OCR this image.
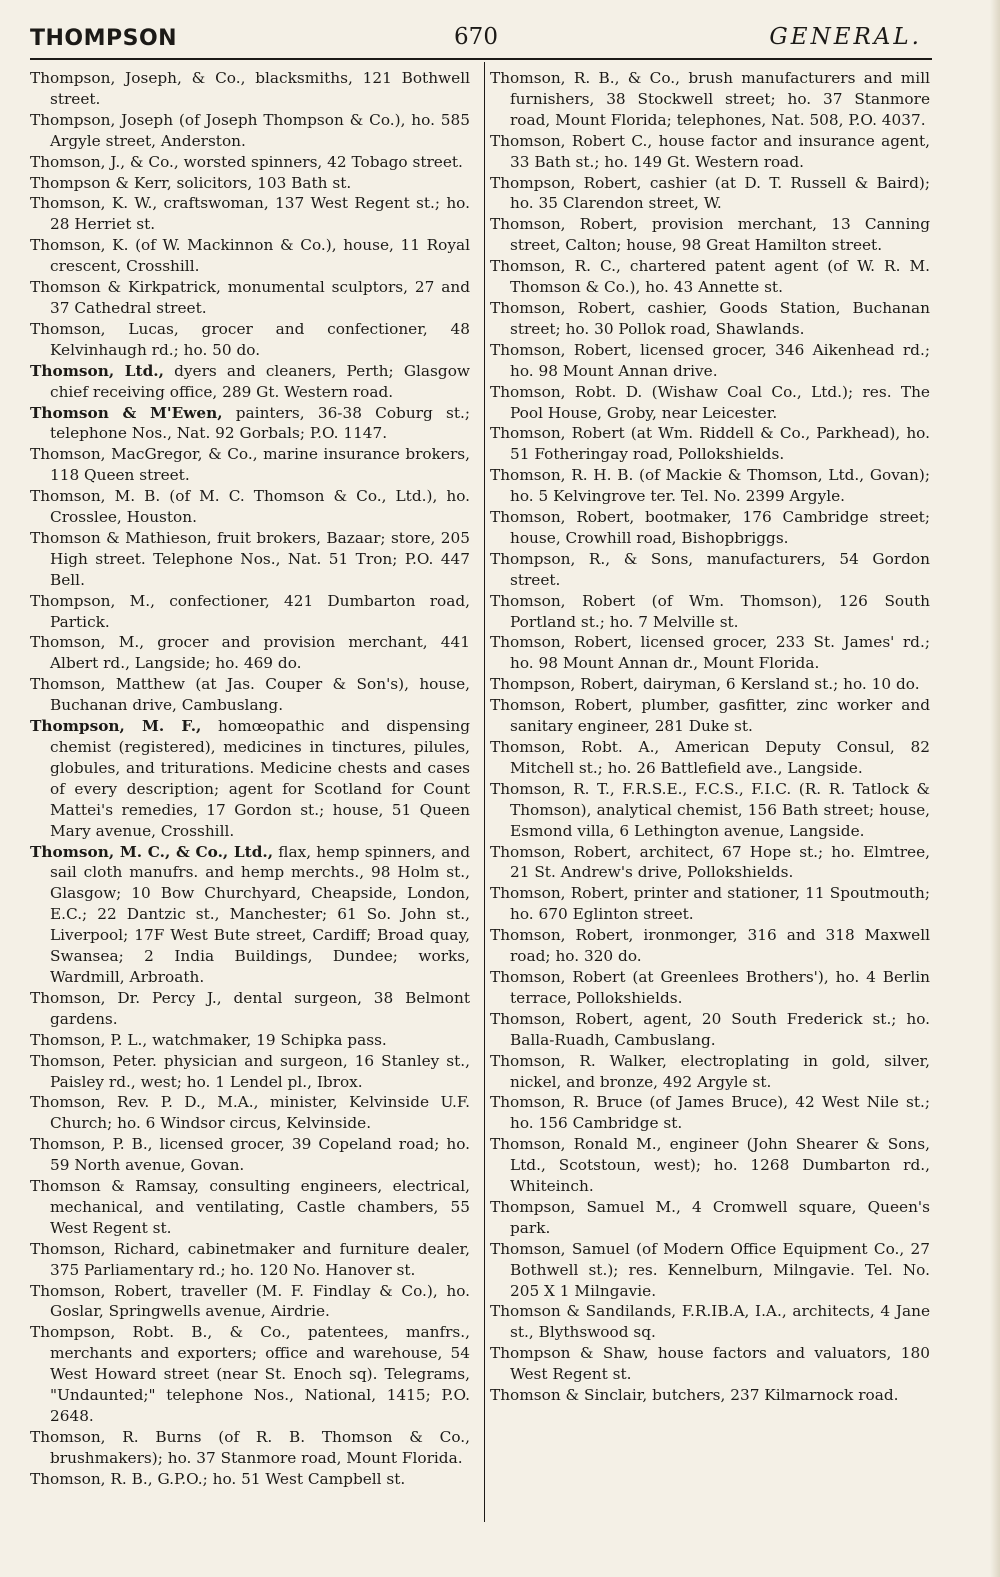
THOMPSON	670	GENERAL.
Thompson, Joseph, & Co., blacksmiths, 121 Bothwell street.
Thompson, Joseph (of Joseph Thompson & Co.), ho. 585 Argyle street, Anderston.
Thomson, J., & Co., worsted spinners, 42 Tobago street.
Thompson & Kerr, solicitors, 103 Bath st.
Thomson, K. W., craftswoman, 137 West Regent st.; ho. 28 Herriet st.
Thomson, K. (of W. Mackinnon & Co.), house, 11 Royal crescent, Crosshill.
Thomson & Kirkpatrick, monumental sculptors, 27 and 37 Cathedral street.
Thomson, Lucas, grocer and confectioner, 48 Kelvinhaugh rd.; ho. 50 do.
Thomson, Ltd., dyers and cleaners, Perth; Glasgow chief receiving office, 289 Gt. Western road.
Thomson & M'Ewen, painters, 36-38 Coburg st.; telephone Nos., Nat. 92 Gorbals; P.O. 1147.
Thomson, MacGregor, & Co., marine insurance brokers, 118 Queen street.
Thomson, M. B. (of M. C. Thomson & Co., Ltd.), ho. Crosslee, Houston.
Thomson & Mathieson, fruit brokers, Bazaar; store, 205 High street. Telephone Nos., Nat. 51 Tron; P.O. 447 Bell.
Thompson, M., confectioner, 421 Dumbarton road, Partick.
Thomson, M., grocer and provision merchant, 441 Albert rd., Langside; ho. 469 do.
Thomson, Matthew (at Jas. Couper & Son's), house, Buchanan drive, Cambuslang.
Thompson, M. F., homœopathic and dispensing chemist (registered), medicines in tinctures, pilules, globules, and triturations. Medicine chests and cases of every description; agent for Scotland for Count Mattei's remedies, 17 Gordon st.; house, 51 Queen Mary avenue, Crosshill.
Thomson, M. C., & Co., Ltd., flax, hemp spinners, and sail cloth manufrs. and hemp merchts., 98 Holm st., Glasgow; 10 Bow Churchyard, Cheapside, London, E.C.; 22 Dantzic st., Manchester; 61 So. John st., Liverpool; 17F West Bute street, Cardiff; Broad quay, Swansea; 2 India Buildings, Dundee; works, Wardmill, Arbroath.
Thomson, Dr. Percy J., dental surgeon, 38 Belmont gardens.
Thomson, P. L., watchmaker, 19 Schipka pass.
Thomson, Peter. physician and surgeon, 16 Stanley st., Paisley rd., west; ho. 1 Lendel pl., Ibrox.
Thomson, Rev. P. D., M.A., minister, Kelvinside U.F. Church; ho. 6 Windsor circus, Kelvinside.
Thomson, P. B., licensed grocer, 39 Copeland road; ho. 59 North avenue, Govan.
Thomson & Ramsay, consulting engineers, electrical, mechanical, and ventilating, Castle chambers, 55 West Regent st.
Thomson, Richard, cabinetmaker and furniture dealer, 375 Parliamentary rd.; ho. 120 No. Hanover st.
Thomson, Robert, traveller (M. F. Findlay & Co.), ho. Goslar, Springwells avenue, Airdrie.
Thompson, Robt. B., & Co., patentees, manfrs., merchants and exporters; office and warehouse, 54 West Howard street (near St. Enoch sq). Telegrams, "Undaunted;" telephone Nos., National, 1415; P.O. 2648.
Thomson, R. Burns (of R. B. Thomson & Co., brushmakers); ho. 37 Stanmore road, Mount Florida.
Thomson, R. B., G.P.O.; ho. 51 West Campbell st.
Thomson, R. B., & Co., brush manufacturers and mill furnishers, 38 Stockwell street; ho. 37 Stanmore road, Mount Florida; telephones, Nat. 508, P.O. 4037.
Thomson, Robert C., house factor and insurance agent, 33 Bath st.; ho. 149 Gt. Western road.
Thompson, Robert, cashier (at D. T. Russell & Baird); ho. 35 Clarendon street, W.
Thomson, Robert, provision merchant, 13 Canning street, Calton; house, 98 Great Hamilton street.
Thomson, R. C., chartered patent agent (of W. R. M. Thomson & Co.), ho. 43 Annette st.
Thomson, Robert, cashier, Goods Station, Buchanan street; ho. 30 Pollok road, Shawlands.
Thomson, Robert, licensed grocer, 346 Aikenhead rd.; ho. 98 Mount Annan drive.
Thomson, Robt. D. (Wishaw Coal Co., Ltd.); res. The Pool House, Groby, near Leicester.
Thomson, Robert (at Wm. Riddell & Co., Parkhead), ho. 51 Fotheringay road, Pollokshields.
Thomson, R. H. B. (of Mackie & Thomson, Ltd., Govan); ho. 5 Kelvingrove ter. Tel. No. 2399 Argyle.
Thomson, Robert, bootmaker, 176 Cambridge street; house, Crowhill road, Bishopbriggs.
Thompson, R., & Sons, manufacturers, 54 Gordon street.
Thomson, Robert (of Wm. Thomson), 126 South Portland st.; ho. 7 Melville st.
Thomson, Robert, licensed grocer, 233 St. James' rd.; ho. 98 Mount Annan dr., Mount Florida.
Thompson, Robert, dairyman, 6 Kersland st.; ho. 10 do.
Thomson, Robert, plumber, gasfitter, zinc worker and sanitary engineer, 281 Duke st.
Thomson, Robt. A., American Deputy Consul, 82 Mitchell st.; ho. 26 Battlefield ave., Langside.
Thomson, R. T., F.R.S.E., F.C.S., F.I.C. (R. R. Tatlock & Thomson), analytical chemist, 156 Bath street; house, Esmond villa, 6 Lethington avenue, Langside.
Thomson, Robert, architect, 67 Hope st.; ho. Elmtree, 21 St. Andrew's drive, Pollokshields.
Thomson, Robert, printer and stationer, 11 Spoutmouth; ho. 670 Eglinton street.
Thomson, Robert, ironmonger, 316 and 318 Maxwell road; ho. 320 do.
Thomson, Robert (at Greenlees Brothers'), ho. 4 Berlin terrace, Pollokshields.
Thomson, Robert, agent, 20 South Frederick st.; ho. Balla-Ruadh, Cambuslang.
Thomson, R. Walker, electroplating in gold, silver, nickel, and bronze, 492 Argyle st.
Thomson, R. Bruce (of James Bruce), 42 West Nile st.; ho. 156 Cambridge st.
Thomson, Ronald M., engineer (John Shearer & Sons, Ltd., Scotstoun, west); ho. 1268 Dumbarton rd., Whiteinch.
Thompson, Samuel M., 4 Cromwell square, Queen's park.
Thomson, Samuel (of Modern Office Equipment Co., 27 Bothwell st.); res. Kennelburn, Milngavie. Tel. No. 205 X 1 Milngavie.
Thomson & Sandilands, F.R.IB.A, I.A., architects, 4 Jane st., Blythswood sq.
Thompson & Shaw, house factors and valuators, 180 West Regent st.
Thomson & Sinclair, butchers, 237 Kilmarnock road.
